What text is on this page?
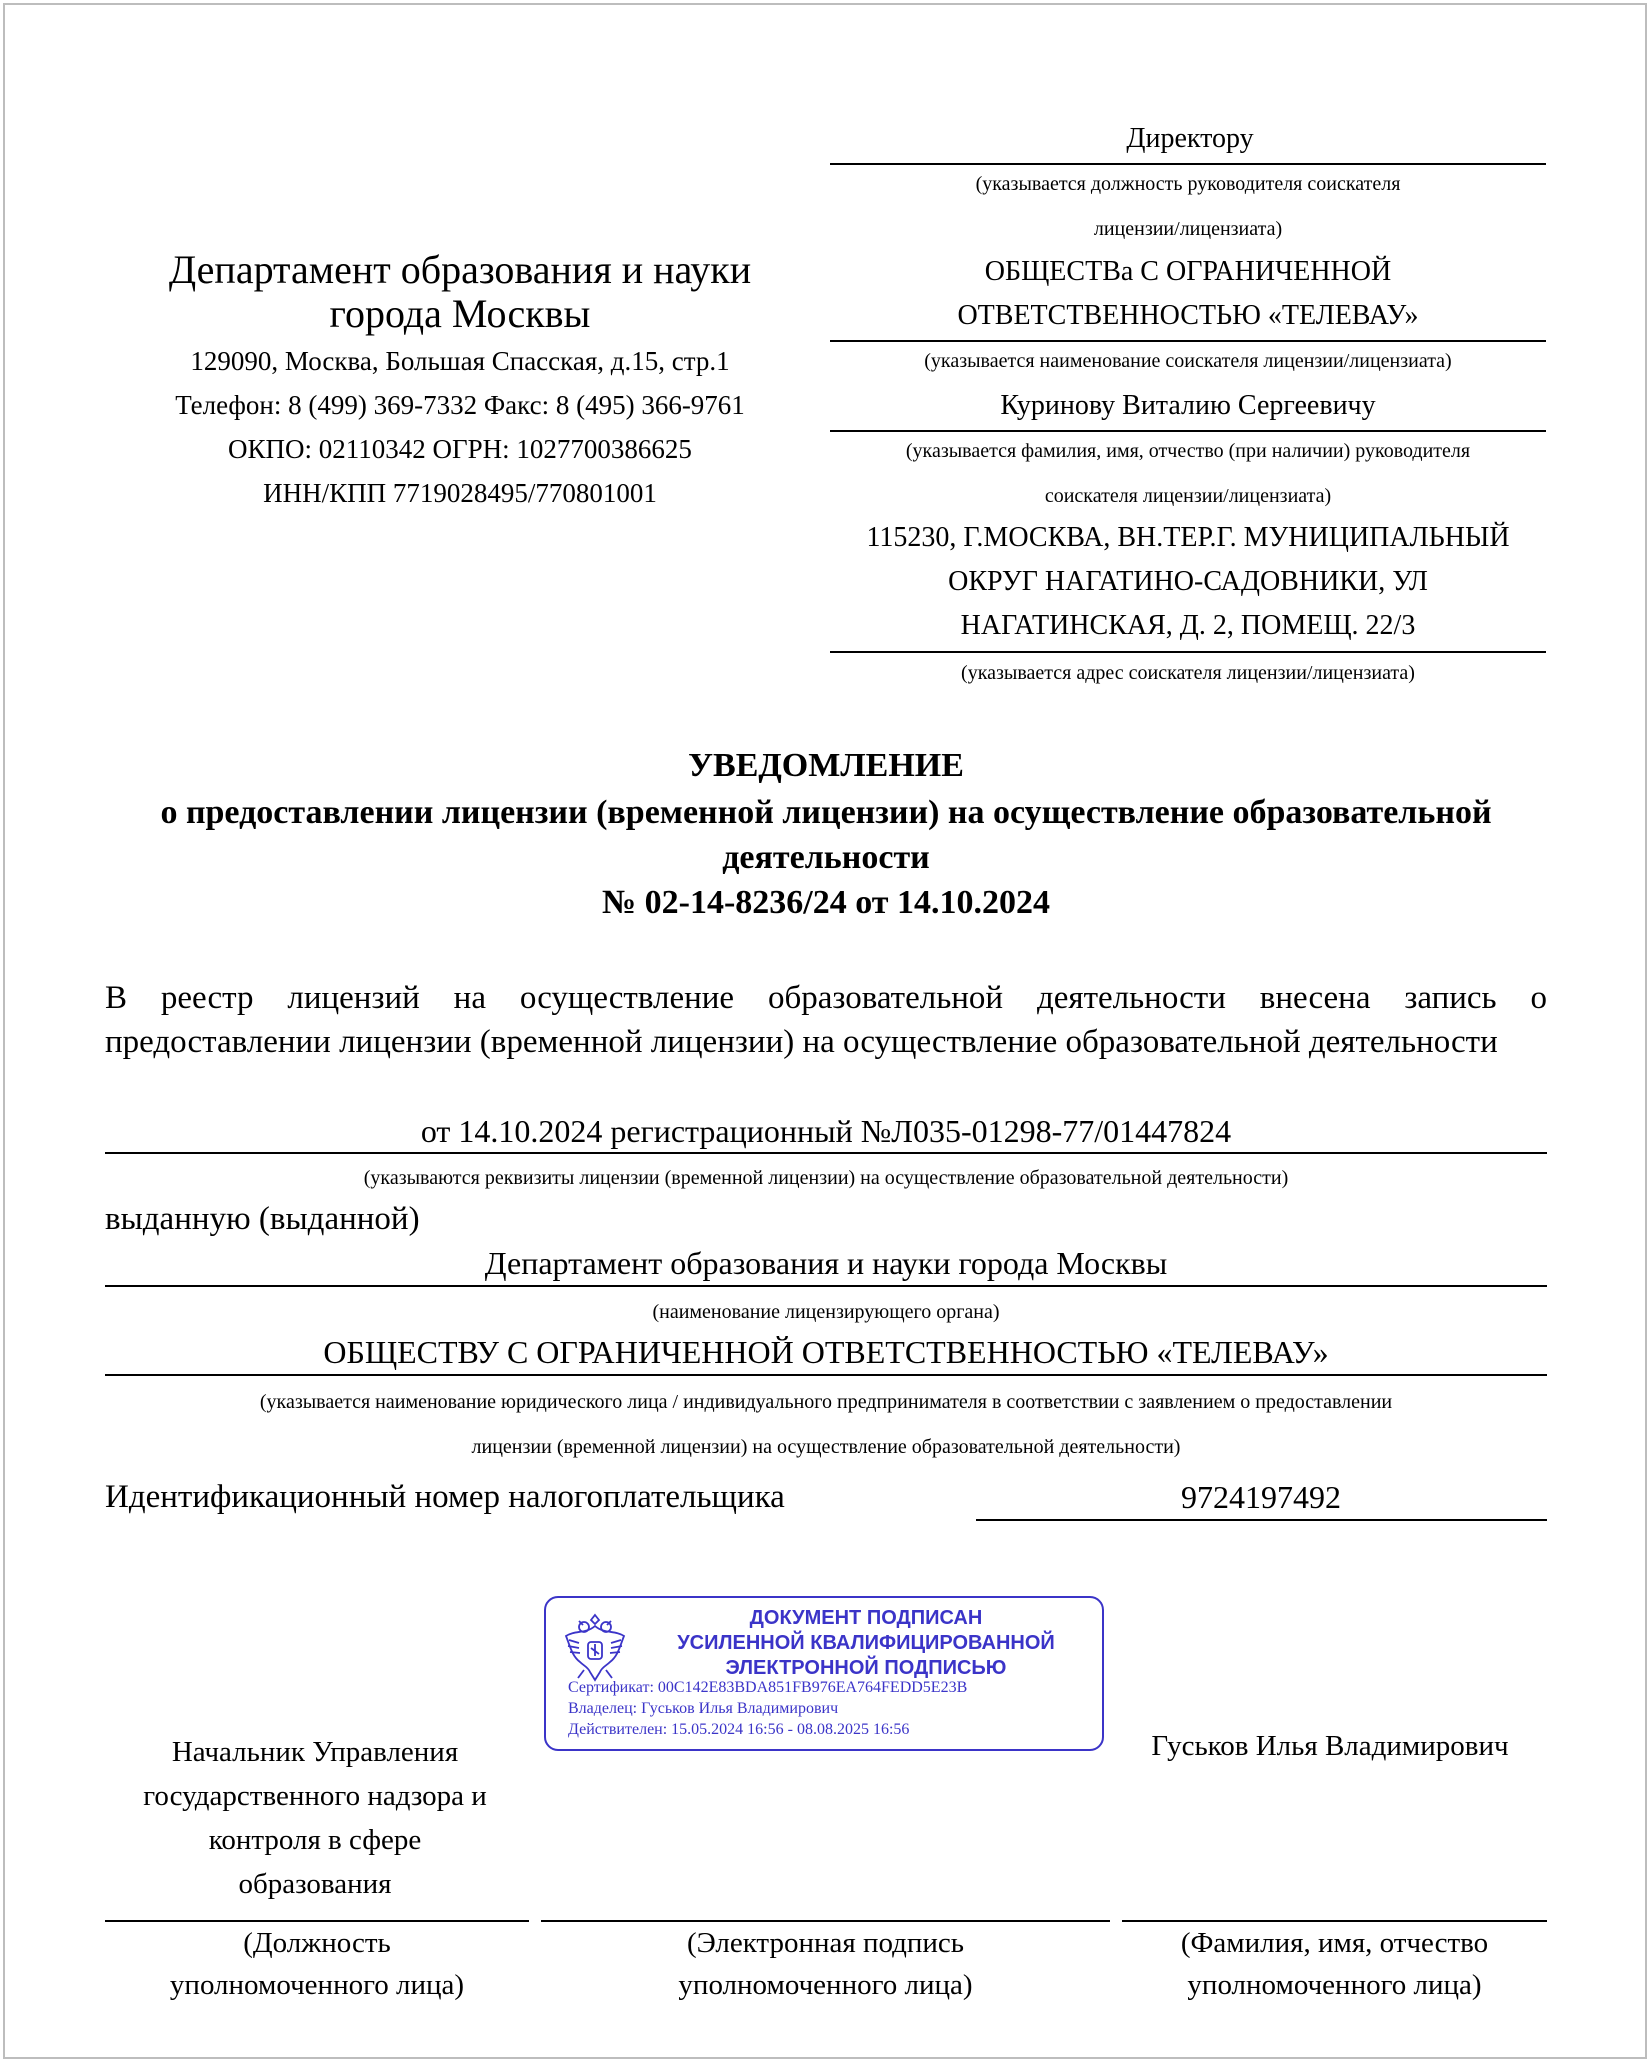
Департамент образования и науки города Москвы
129090, Москва, Большая Спасская, д.15, стр.1
Телефон: 8 (499) 369-7332 Факс: 8 (495) 366-9761
ОКПО: 02110342 ОГРН: 1027700386625
ИНН/КПП 7719028495/770801001
Директору
(указывается должность руководителя соискателя
лицензии/лицензиата)
ОБЩЕСТВа С ОГРАНИЧЕННОЙ
ОТВЕТСТВЕННОСТЬЮ «ТЕЛЕВАУ»
(указывается наименование соискателя лицензии/лицензиата)
Куринову Виталию Сергеевичу
(указывается фамилия, имя, отчество (при наличии) руководителя
соискателя лицензии/лицензиата)
115230, Г.МОСКВА, ВН.ТЕР.Г. МУНИЦИПАЛЬНЫЙ
ОКРУГ НАГАТИНО-САДОВНИКИ, УЛ
НАГАТИНСКАЯ, Д. 2, ПОМЕЩ. 22/3
(указывается адрес соискателя лицензии/лицензиата)
УВЕДОМЛЕНИЕ
о предоставлении лицензии (временной лицензии) на осуществление образовательной
деятельности
№ 02-14-8236/24 от 14.10.2024
В реестр лицензий на осуществление образовательной деятельности внесена запись о предоставлении лицензии (временной лицензии) на осуществление образовательной деятельности
от 14.10.2024 регистрационный №Л035-01298-77/01447824
(указываются реквизиты лицензии (временной лицензии) на осуществление образовательной деятельности)
выданную (выданной)
Департамент образования и науки города Москвы
(наименование лицензирующего органа)
ОБЩЕСТВУ С ОГРАНИЧЕННОЙ ОТВЕТСТВЕННОСТЬЮ «ТЕЛЕВАУ»
(указывается наименование юридического лица / индивидуального предпринимателя в соответствии с заявлением о предоставлении
лицензии (временной лицензии) на осуществление образовательной деятельности)
Идентификационный номер налогоплательщика	9724197492
ДОКУМЕНТ ПОДПИСАН
УСИЛЕННОЙ КВАЛИФИЦИРОВАННОЙ
ЭЛЕКТРОННОЙ ПОДПИСЬЮ
Сертификат: 00C142E83BDA851FB976EA764FEDD5E23B
Владелец: Гуськов Илья Владимирович
Действителен: 15.05.2024 16:56 - 08.08.2025 16:56
Начальник Управления
государственного надзора и
контроля в сфере
образования
Гуськов Илья Владимирович
(Должность
уполномоченного лица)
(Электронная подпись
уполномоченного лица)
(Фамилия, имя, отчество
уполномоченного лица)
